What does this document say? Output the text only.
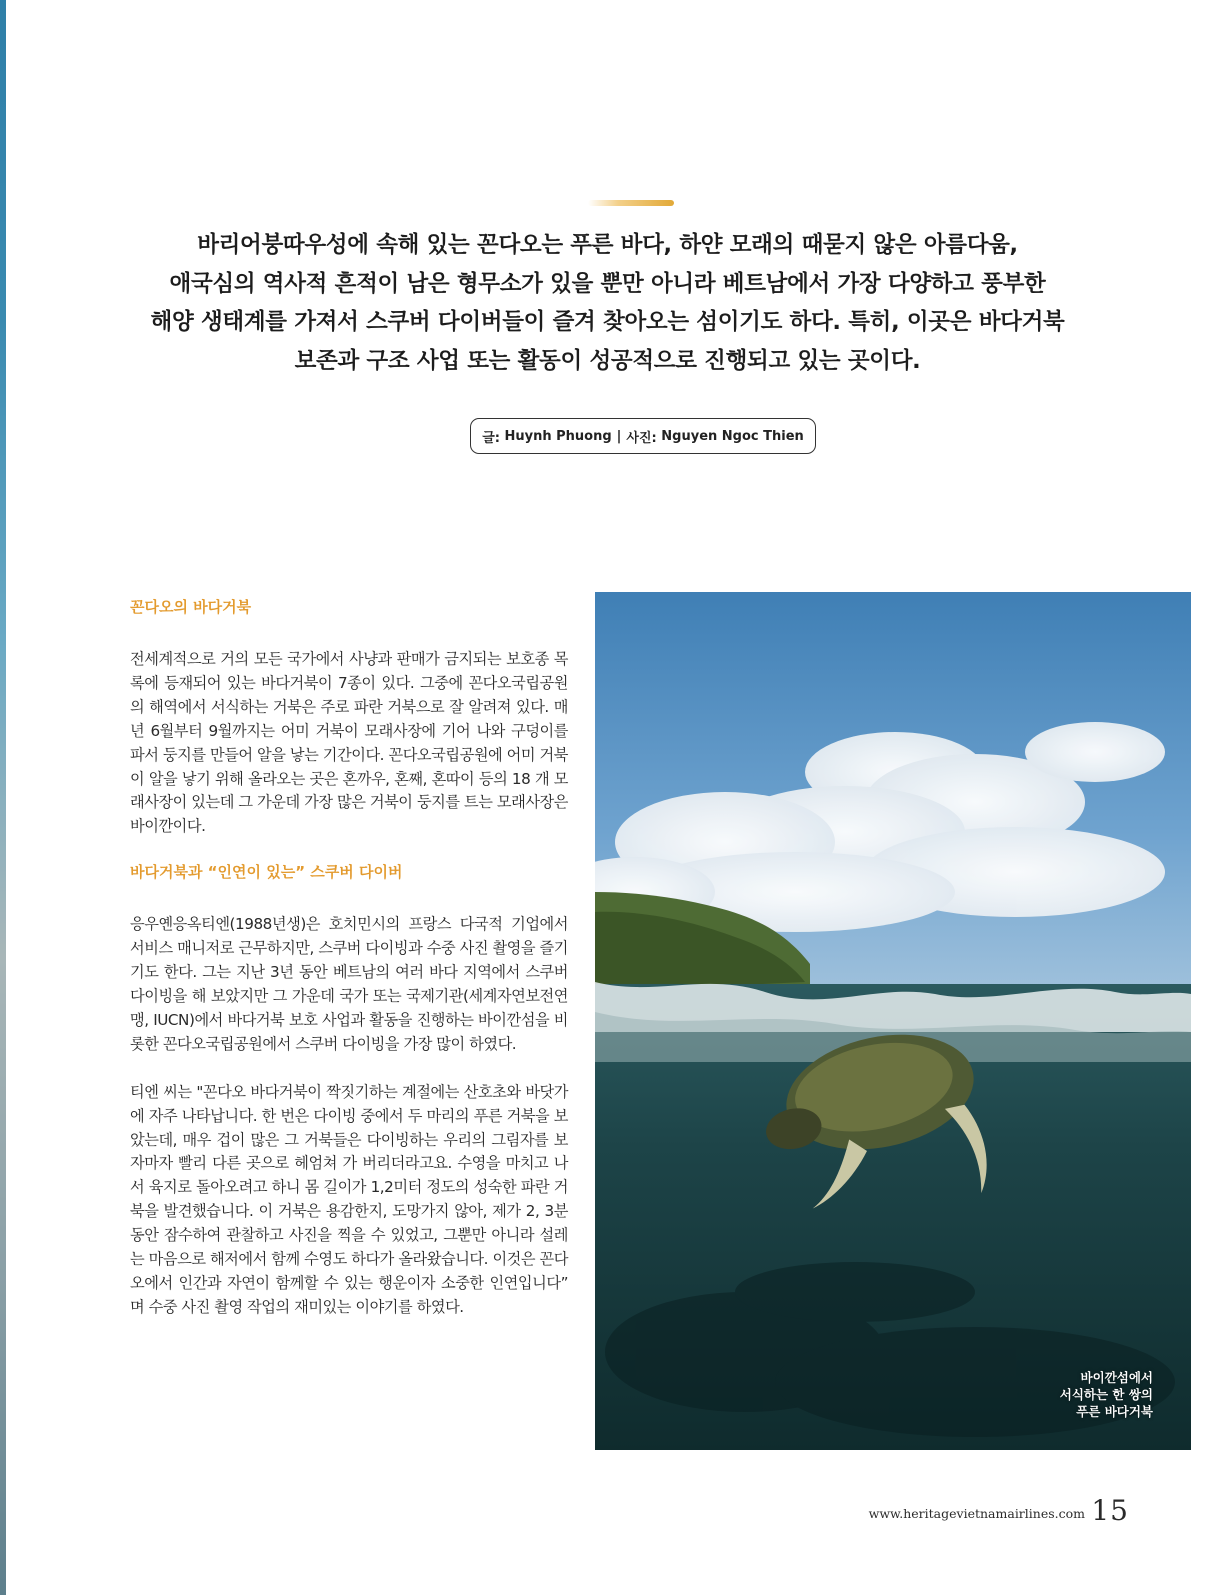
바리어붕따우성에 속해 있는 꼰다오는 푸른 바다, 하얀 모래의 때묻지 않은 아름다움,
애국심의 역사적 흔적이 남은 형무소가 있을 뿐만 아니라 베트남에서 가장 다양하고 풍부한
해양 생태계를 가져서 스쿠버 다이버들이 즐겨 찾아오는 섬이기도 하다. 특히, 이곳은 바다거북
보존과 구조 사업 또는 활동이 성공적으로 진행되고 있는 곳이다.
글:
Huynh Phuong | 사진:
Nguyen Ngoc Thien
꼰다오의 바다거북

전세계적으로 거의 모든 국가에서 사냥과 판매가 금지되는 보호종 목록에 등재되어 있는 바다거북이 7종이 있다. 그중에 꼰다오국립공원의 해역에서 서식하는 거북은 주로 파란 거북으로 잘 알려져 있다. 매년 6월부터 9월까지는 어미 거북이 모래사장에 기어 나와 구덩이를 파서 둥지를 만들어 알을 낳는 기간이다. 꼰다오국립공원에 어미 거북이 알을 낳기 위해 올라오는 곳은 혼까우, 혼째, 혼따이 등의 18 개 모래사장이 있는데 그 가운데 가장 많은 거북이 둥지를 트는 모래사장은 바이깐이다.

바다거북과 “인연이 있는” 스쿠버 다이버

응우옌응옥티엔(1988년생)은 호치민시의 프랑스 다국적 기업에서 서비스 매니저로 근무하지만, 스쿠버 다이빙과 수중 사진 촬영을 즐기기도 한다. 그는 지난 3년 동안 베트남의 여러 바다 지역에서 스쿠버 다이빙을 해 보았지만 그 가운데 국가 또는 국제기관(세계자연보전연맹, IUCN)에서 바다거북 보호 사업과 활동을 진행하는 바이깐섬을 비롯한 꼰다오국립공원에서 스쿠버 다이빙을 가장 많이 하였다.

티엔 씨는 "꼰다오 바다거북이 짝짓기하는 계절에는 산호초와 바닷가에 자주 나타납니다. 한 번은 다이빙 중에서 두 마리의 푸른 거북을 보았는데, 매우 겁이 많은 그 거북들은 다이빙하는 우리의 그림자를 보자마자 빨리 다른 곳으로 헤엄쳐 가 버리더라고요. 수영을 마치고 나서 육지로 돌아오려고 하니 몸 길이가 1,2미터 정도의 성숙한 파란 거북을 발견했습니다. 이 거북은 용감한지, 도망가지 않아, 제가 2, 3분 동안 잠수하여 관찰하고 사진을 찍을 수 있었고, 그뿐만 아니라 설레는 마음으로 해저에서 함께 수영도 하다가 올라왔습니다. 이것은 꼰다오에서 인간과 자연이 함께할 수 있는 행운이자 소중한 인연입니다” 며 수중 사진 촬영 작업의 재미있는 이야기를 하였다.

바이깐섬에서
서식하는 한 쌍의
푸른 바다거북
www.heritagevietnamairlines.com 15
